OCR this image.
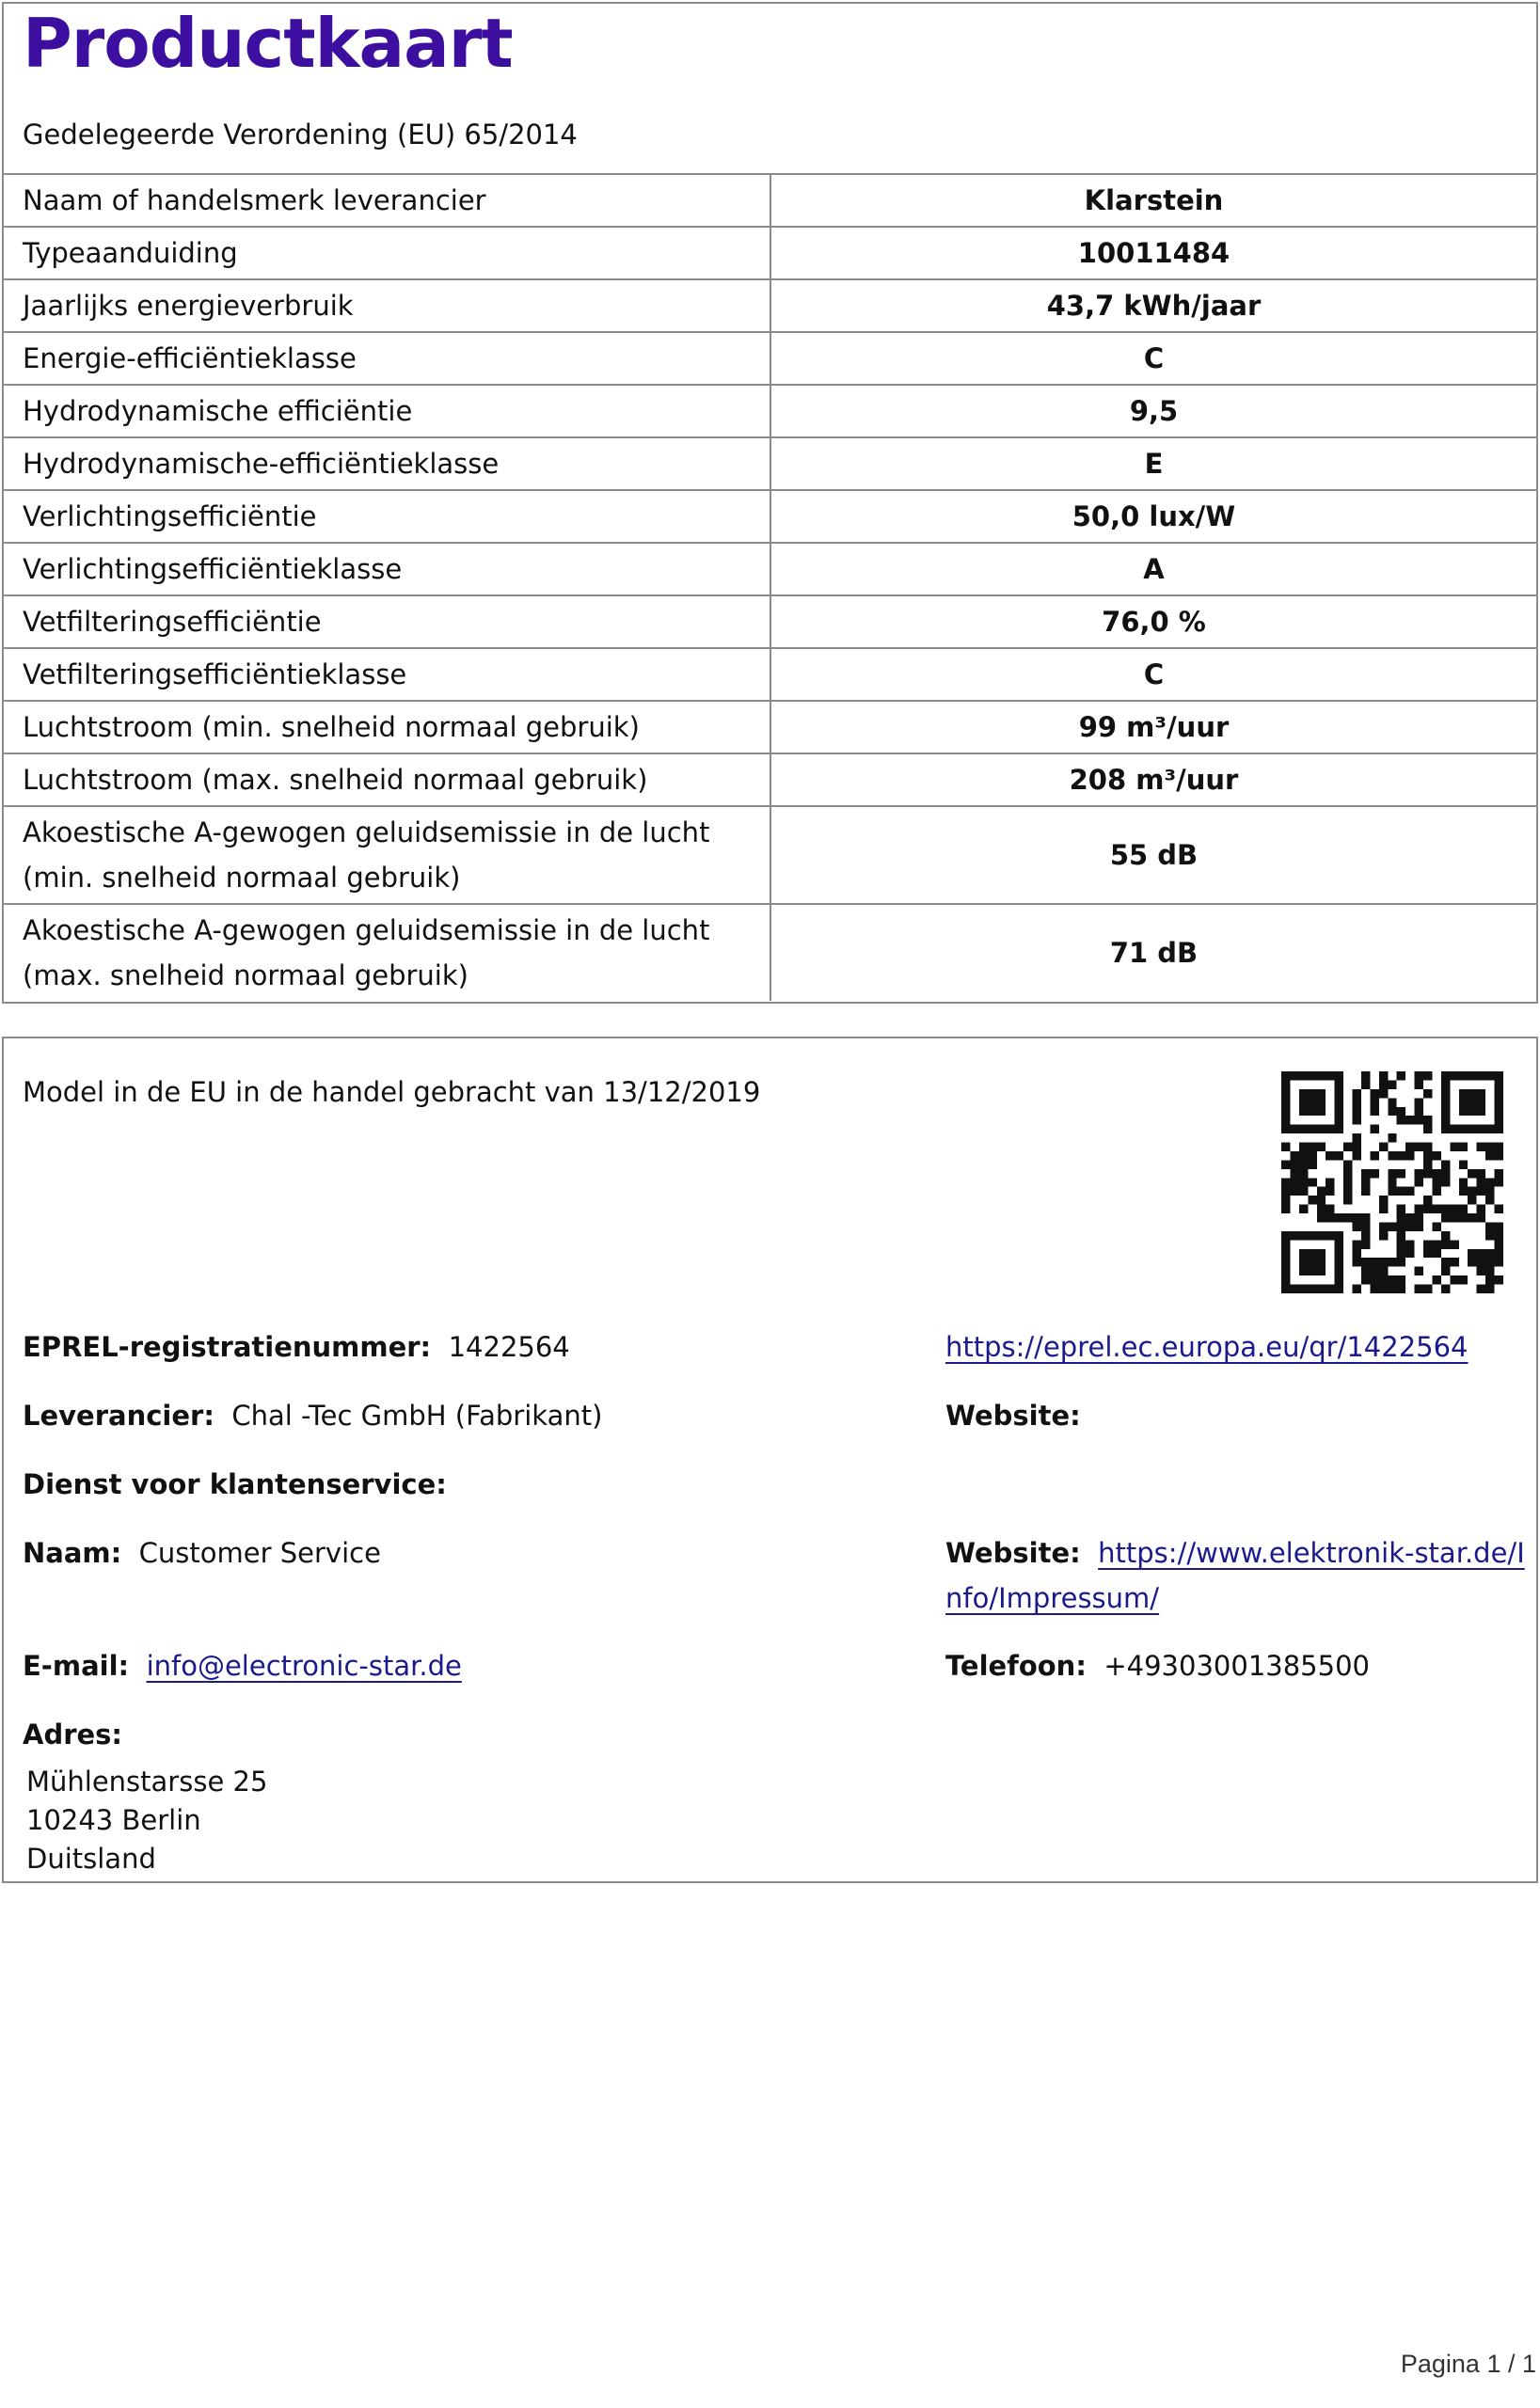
Productkaart
Gedelegeerde Verordening (EU) 65/2014
Naam of handelsmerk leverancier	Klarstein
Typeaanduiding	10011484
Jaarlijks energieverbruik	43,7 kWh/jaar
Energie-efficiëntieklasse	C
Hydrodynamische efficiëntie	9,5
Hydrodynamische-efficiëntieklasse	E
Verlichtingsefficiëntie	50,0 lux/W
Verlichtingsefficiëntieklasse	A
Vetfilteringsefficiëntie	76,0 %
Vetfilteringsefficiëntieklasse	C
Luchtstroom (min. snelheid normaal gebruik)	99 m³/uur
Luchtstroom (max. snelheid normaal gebruik)	208 m³/uur
Akoestische A-gewogen geluidsemissie in de lucht (min. snelheid normaal gebruik)
55 dB
Akoestische A-gewogen geluidsemissie in de lucht (max. snelheid normaal gebruik)
71 dB
Model in de EU in de handel gebracht van 13/12/2019
EPREL-registratienummer: 1422564	https://eprel.ec.europa.eu/qr/1422564
Leverancier: Chal -Tec GmbH (Fabrikant)	Website:
Dienst voor klantenservice:
Naam: Customer Service	Website: https://www.elektronik-star.de/I
nfo/Impressum/
E-mail: info@electronic-star.de	Telefoon: +49303001385500
Adres:
Mühlenstarsse 25
10243 Berlin
Duitsland
Pagina 1 / 1
